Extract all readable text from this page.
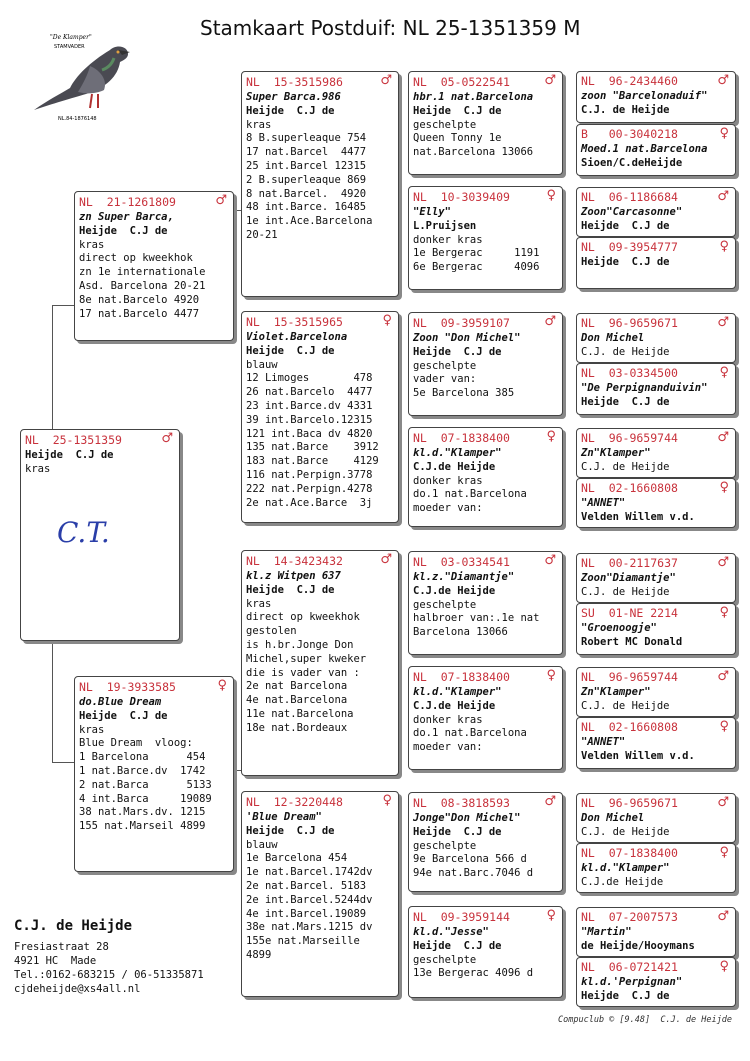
Stamkaart Postduif: NL 25-1351359 M
"De Klamper"
STAMVADER
NL.84-1876148
NL  25-1351359	♂
Heijde  C.J de
kras
C.T.
NL  21-1261809	♂
zn Super Barca,
Heijde  C.J de
kras
direct op kweekhok
zn 1e internationale
Asd. Barcelona 20-21
8e nat.Barcelo 4920
17 nat.Barcelo 4477
NL  19-3933585	♀
do.Blue Dream
Heijde  C.J de
kras
Blue Dream  vloog:
1 Barcelona      454
1 nat.Barce.dv  1742
2 nat.Barca      5133
4 int.Barca     19089
38 nat.Mars.dv. 1215
155 nat.Marseil 4899
NL  15-3515986	♂
Super Barca.986
Heijde  C.J de
kras
8 B.superleaque 754
17 nat.Barcel  4477
25 int.Barcel 12315
2 B.superleaque 869
8 nat.Barcel.  4920
48 int.Barce. 16485
1e int.Ace.Barcelona
20-21
NL  15-3515965	♀
Violet.Barcelona
Heijde  C.J de
blauw
12 Limoges       478
26 nat.Barcelo  4477
23 int.Barce.dv 4331
39 int.Barcelo.12315
121 int.Baca dv 4820
135 nat.Barce    3912
183 nat.Barce    4129
116 nat.Perpign.3778
222 nat.Perpign.4278
2e nat.Ace.Barce  3j
NL  14-3423432	♂
kl.z Witpen 637
Heijde  C.J de
kras
direct op kweekhok
gestolen
is h.br.Jonge Don
Michel,super kweker
die is vader van :
2e nat Barcelona
4e nat.Barcelona
11e nat.Barcelona
18e nat.Bordeaux
NL  12-3220448	♀
'Blue Dream"
Heijde  C.J de
blauw
1e Barcelona 454
1e nat.Barcel.1742dv
2e nat.Barcel. 5183
2e int.Barcel.5244dv
4e int.Barcel.19089
38e nat.Mars.1215 dv
155e nat.Marseille
4899
NL  05-0522541	♂
hbr.1 nat.Barcelona
Heijde  C.J de
geschelpte
Queen Tonny 1e
nat.Barcelona 13066
NL  10-3039409	♀
"Elly"
L.Pruijsen
donker kras
1e Bergerac     1191
6e Bergerac     4096
NL  09-3959107	♂
Zoon "Don Michel"
Heijde  C.J de
geschelpte
vader van:
5e Barcelona 385
NL  07-1838400	♀
kl.d."Klamper"
C.J.de Heijde
donker kras
do.1 nat.Barcelona
moeder van:
NL  03-0334541	♂
kl.z."Diamantje"
C.J.de Heijde
geschelpte
halbroer van:.1e nat
Barcelona 13066
NL  07-1838400	♀
kl.d."Klamper"
C.J.de Heijde
donker kras
do.1 nat.Barcelona
moeder van:
NL  08-3818593	♂
Jonge"Don Michel"
Heijde  C.J de
geschelpte
9e Barcelona 566 d
94e nat.Barc.7046 d
NL  09-3959144	♀
kl.d."Jesse"
Heijde  C.J de
geschelpte
13e Bergerac 4096 d
NL  96-2434460	♂
zoon "Barcelonaduif"
C.J. de Heijde
B   00-3040218	♀
Moed.1 nat.Barcelona
Sioen/C.deHeijde
NL  06-1186684	♂
Zoon"Carcasonne"
Heijde  C.J de
NL  09-3954777	♀
Heijde  C.J de
NL  96-9659671	♂
Don Michel
C.J. de Heijde
NL  03-0334500	♀
"De Perpignanduivin"
Heijde  C.J de
NL  96-9659744	♂
Zn"Klamper"
C.J. de Heijde
NL  02-1660808	♀
"ANNET"
Velden Willem v.d.
NL  00-2117637	♂
Zoon"Diamantje"
C.J. de Heijde
SU  01-NE 2214	♀
"Groenoogje"
Robert MC Donald
NL  96-9659744	♂
Zn"Klamper"
C.J. de Heijde
NL  02-1660808	♀
"ANNET"
Velden Willem v.d.
NL  96-9659671	♂
Don Michel
C.J. de Heijde
NL  07-1838400	♀
kl.d."Klamper"
C.J.de Heijde
NL  07-2007573	♂
"Martin"
de Heijde/Hooymans
NL  06-0721421	♀
kl.d.'Perpignan"
Heijde  C.J de
C.J. de Heijde
Fresiastraat 28
4921 HC  Made
Tel.:0162-683215 / 06-51335871
cjdeheijde@xs4all.nl
Compuclub © [9.48]  C.J. de Heijde
